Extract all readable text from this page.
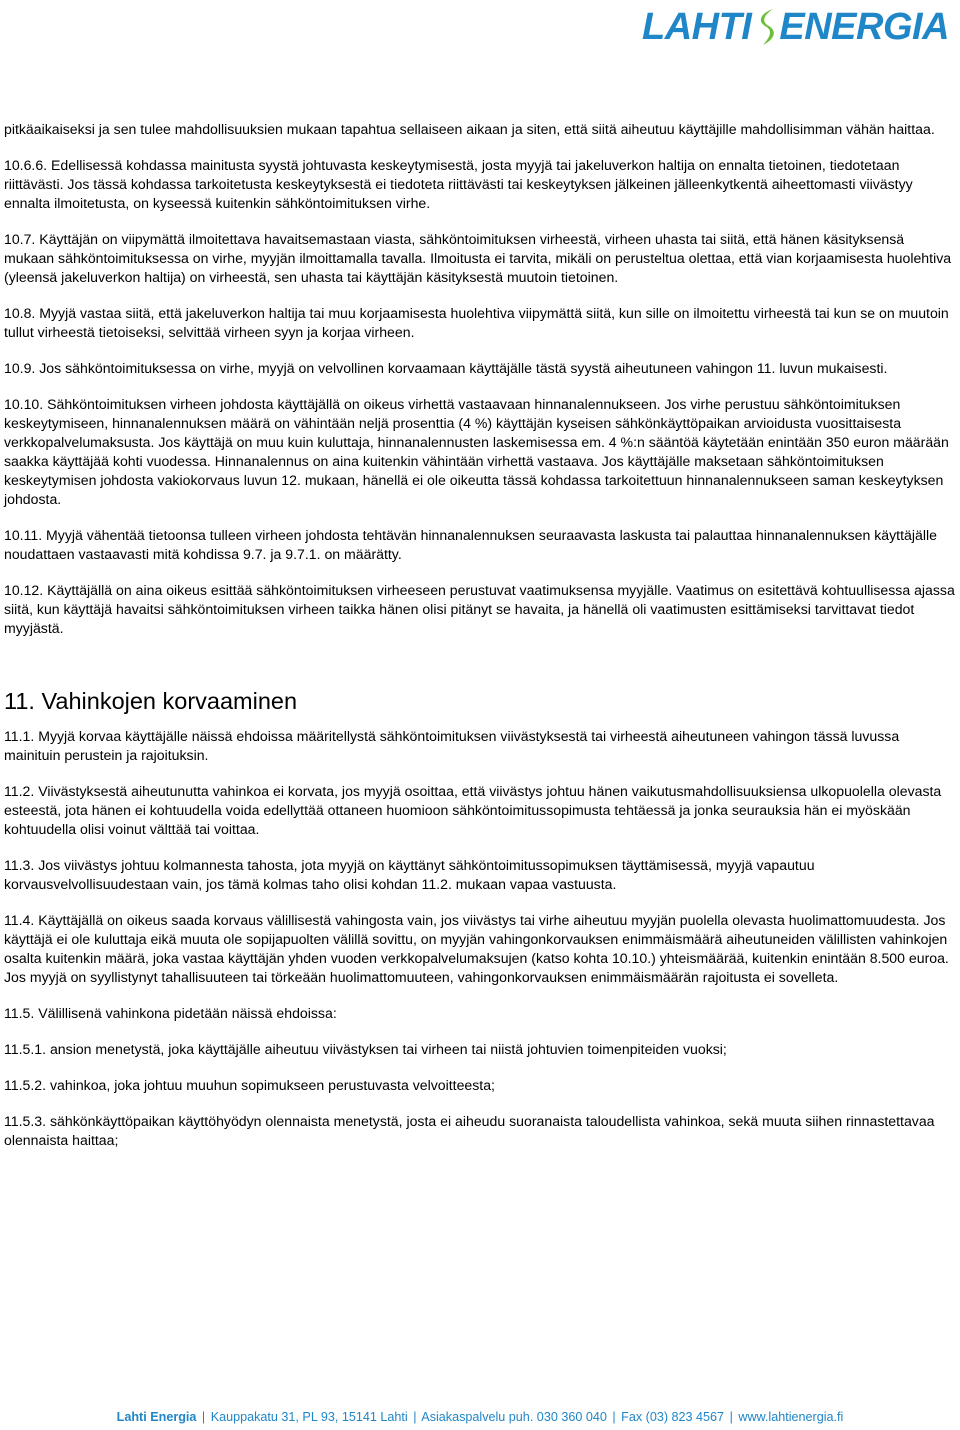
LAHTI ENERGIA

pitkäaikaiseksi ja sen tulee mahdollisuuksien mukaan tapahtua sellaiseen aikaan ja siten, että siitä aiheutuu käyttäjille mahdollisimman vähän haittaa.

10.6.6. Edellisessä kohdassa mainitusta syystä johtuvasta keskeytymisestä, josta myyjä tai jakeluverkon haltija on ennalta tietoinen, tiedotetaan riittävästi. Jos tässä kohdassa tarkoitetusta keskeytyksestä ei tiedoteta riittävästi tai keskeytyksen jälkeinen jälleenkytkentä aiheettomasti viivästyy ennalta ilmoitetusta, on kyseessä kuitenkin sähköntoimituksen virhe.

10.7. Käyttäjän on viipymättä ilmoitettava havaitsemastaan viasta, sähköntoimituksen virheestä, virheen uhasta tai siitä, että hänen käsityksensä mukaan sähköntoimituksessa on virhe, myyjän ilmoittamalla tavalla. Ilmoitusta ei tarvita, mikäli on perusteltua olettaa, että vian korjaamisesta huolehtiva (yleensä jakeluverkon haltija) on virheestä, sen uhasta tai käyttäjän käsityksestä muutoin tietoinen.

10.8. Myyjä vastaa siitä, että jakeluverkon haltija tai muu korjaamisesta huolehtiva viipymättä siitä, kun sille on ilmoitettu virheestä tai kun se on muutoin tullut virheestä tietoiseksi, selvittää virheen syyn ja korjaa virheen.

10.9. Jos sähköntoimituksessa on virhe, myyjä on velvollinen korvaamaan käyttäjälle tästä syystä aiheutuneen vahingon 11. luvun mukaisesti.

10.10. Sähköntoimituksen virheen johdosta käyttäjällä on oikeus virhettä vastaavaan hinnanalennukseen. Jos virhe perustuu sähköntoimituksen keskeytymiseen, hinnanalennuksen määrä on vähintään neljä prosenttia (4 %) käyttäjän kyseisen sähkönkäyttöpaikan arvioidusta vuosittaisesta verkkopalvelumaksusta. Jos käyttäjä on muu kuin kuluttaja, hinnanalennusten laskemisessa em. 4 %:n sääntöä käytetään enintään 350 euron määrään saakka käyttäjää kohti vuodessa. Hinnanalennus on aina kuitenkin vähintään virhettä vastaava. Jos käyttäjälle maksetaan sähköntoimituksen keskeytymisen johdosta vakiokorvaus luvun 12. mukaan, hänellä ei ole oikeutta tässä kohdassa tarkoitettuun hinnanalennukseen saman keskeytyksen johdosta.

10.11. Myyjä vähentää tietoonsa tulleen virheen johdosta tehtävän hinnanalennuksen seuraavasta laskusta tai palauttaa hinnanalennuksen käyttäjälle noudattaen vastaavasti mitä kohdissa 9.7. ja 9.7.1. on määrätty.

10.12. Käyttäjällä on aina oikeus esittää sähköntoimituksen virheeseen perustuvat vaatimuksensa myyjälle. Vaatimus on esitettävä kohtuullisessa ajassa siitä, kun käyttäjä havaitsi sähköntoimituksen virheen taikka hänen olisi pitänyt se havaita, ja hänellä oli vaatimusten esittämiseksi tarvittavat tiedot myyjästä.

11. Vahinkojen korvaaminen

11.1. Myyjä korvaa käyttäjälle näissä ehdoissa määritellystä sähköntoimituksen viivästyksestä tai virheestä aiheutuneen vahingon tässä luvussa mainituin perustein ja rajoituksin.

11.2. Viivästyksestä aiheutunutta vahinkoa ei korvata, jos myyjä osoittaa, että viivästys johtuu hänen vaikutusmahdollisuuksiensa ulkopuolella olevasta esteestä, jota hänen ei kohtuudella voida edellyttää ottaneen huomioon sähköntoimitussopimusta tehtäessä ja jonka seurauksia hän ei myöskään kohtuudella olisi voinut välttää tai voittaa.

11.3. Jos viivästys johtuu kolmannesta tahosta, jota myyjä on käyttänyt sähköntoimitussopimuksen täyttämisessä, myyjä vapautuu korvausvelvollisuudestaan vain, jos tämä kolmas taho olisi kohdan 11.2. mukaan vapaa vastuusta.

11.4. Käyttäjällä on oikeus saada korvaus välillisestä vahingosta vain, jos viivästys tai virhe aiheutuu myyjän puolella olevasta huolimattomuudesta. Jos käyttäjä ei ole kuluttaja eikä muuta ole sopijapuolten välillä sovittu, on myyjän vahingonkorvauksen enimmäismäärä aiheutuneiden välillisten vahinkojen osalta kuitenkin määrä, joka vastaa käyttäjän yhden vuoden verkkopalvelumaksujen (katso kohta 10.10.) yhteismäärää, kuitenkin enintään 8.500 euroa. Jos myyjä on syyllistynyt tahallisuuteen tai törkeään huolimattomuuteen, vahingonkorvauksen enimmäismäärän rajoitusta ei sovelleta.

11.5. Välillisenä vahinkona pidetään näissä ehdoissa:

11.5.1. ansion menetystä, joka käyttäjälle aiheutuu viivästyksen tai virheen tai niistä johtuvien toimenpiteiden vuoksi;

11.5.2. vahinkoa, joka johtuu muuhun sopimukseen perustuvasta velvoitteesta;

11.5.3. sähkönkäyttöpaikan käyttöhyödyn olennaista menetystä, josta ei aiheudu suoranaista taloudellista vahinkoa, sekä muuta siihen rinnastettavaa olennaista haittaa;

Lahti Energia | Kauppakatu 31, PL 93, 15141 Lahti | Asiakaspalvelu puh. 030 360 040 | Fax (03) 823 4567 | www.lahtienergia.fi
